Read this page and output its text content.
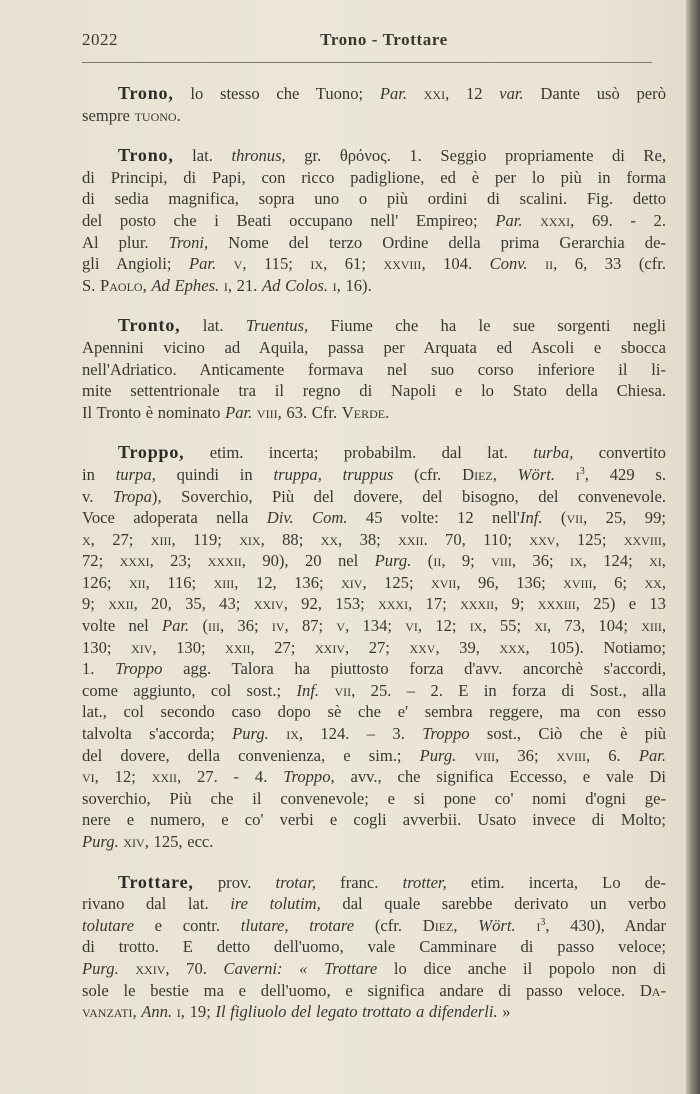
2022	Trono - Trottare
Trono, lo stesso che Tuono; Par. xxi, 12 var. Dante usò però
sempre tuono.
Trono, lat. thronus, gr. θρόνος. 1. Seggio propriamente di Re,
di Principi, di Papi, con ricco padiglione, ed è per lo più in forma
di sedia magnifica, sopra uno o più ordini di scalini. Fig. detto
del posto che i Beati occupano nell' Empireo; Par. xxxi, 69. - 2.
Al plur. Troni, Nome del terzo Ordine della prima Gerarchia de-
gli Angioli; Par. v, 115; ix, 61; xxviii, 104. Conv. ii, 6, 33 (cfr.
S. Paolo, Ad Ephes. i, 21. Ad Colos. i, 16).
Tronto, lat. Truentus, Fiume che ha le sue sorgenti negli
Apennini vicino ad Aquila, passa per Arquata ed Ascoli e sbocca
nell'Adriatico. Anticamente formava nel suo corso inferiore il li-
mite settentrionale tra il regno di Napoli e lo Stato della Chiesa.
Il Tronto è nominato Par. viii, 63. Cfr. Verde.
Troppo, etim. incerta; probabilm. dal lat. turba, convertito
in turpa, quindi in truppa, truppus (cfr. Diez, Wört. $i^3$, 429 s.
v. Tropa), Soverchio, Più del dovere, del bisogno, del convenevole.
Voce adoperata nella Div. Com. 45 volte: 12 nell'Inf. (vii, 25, 99;
x, 27; xiii, 119; xix, 88; xx, 38; xxii. 70, 110; xxv, 125; xxviii,
72; xxxi, 23; xxxii, 90), 20 nel Purg. (ii, 9; viii, 36; ix, 124; xi,
126; xii, 116; xiii, 12, 136; xiv, 125; xvii, 96, 136; xviii, 6; xx,
9; xxii, 20, 35, 43; xxiv, 92, 153; xxxi, 17; xxxii, 9; xxxiii, 25) e 13
volte nel Par. (iii, 36; iv, 87; v, 134; vi, 12; ix, 55; xi, 73, 104; xiii,
130; xiv, 130; xxii, 27; xxiv, 27; xxv, 39, xxx, 105). Notiamo;
1. Troppo agg. Talora ha piuttosto forza d'avv. ancorchè s'accordi,
come aggiunto, col sost.; Inf. vii, 25. – 2. E in forza di Sost., alla
lat., col secondo caso dopo sè che e' sembra reggere, ma con esso
talvolta s'accorda; Purg. ix, 124. – 3. Troppo sost., Ciò che è più
del dovere, della convenienza, e sim.; Purg. viii, 36; xviii, 6. Par.
vi, 12; xxii, 27. - 4. Troppo, avv., che significa Eccesso, e vale Di
soverchio, Più che il convenevole; e si pone co' nomi d'ogni ge-
nere e numero, e co' verbi e cogli avverbii. Usato invece di Molto;
Purg. xiv, 125, ecc.
Trottare, prov. trotar, franc. trotter, etim. incerta, Lo de-
rivano dal lat. ire tolutim, dal quale sarebbe derivato un verbo
tolutare e contr. tlutare, trotare (cfr. Diez, Wört. $i^3$, 430), Andar
di trotto. E detto dell'uomo, vale Camminare di passo veloce;
Purg. xxiv, 70. Caverni: « Trottare lo dice anche il popolo non di
sole le bestie ma e dell'uomo, e significa andare di passo veloce. Da-
vanzati, Ann. i, 19; Il figliuolo del legato trottato a difenderli. »
